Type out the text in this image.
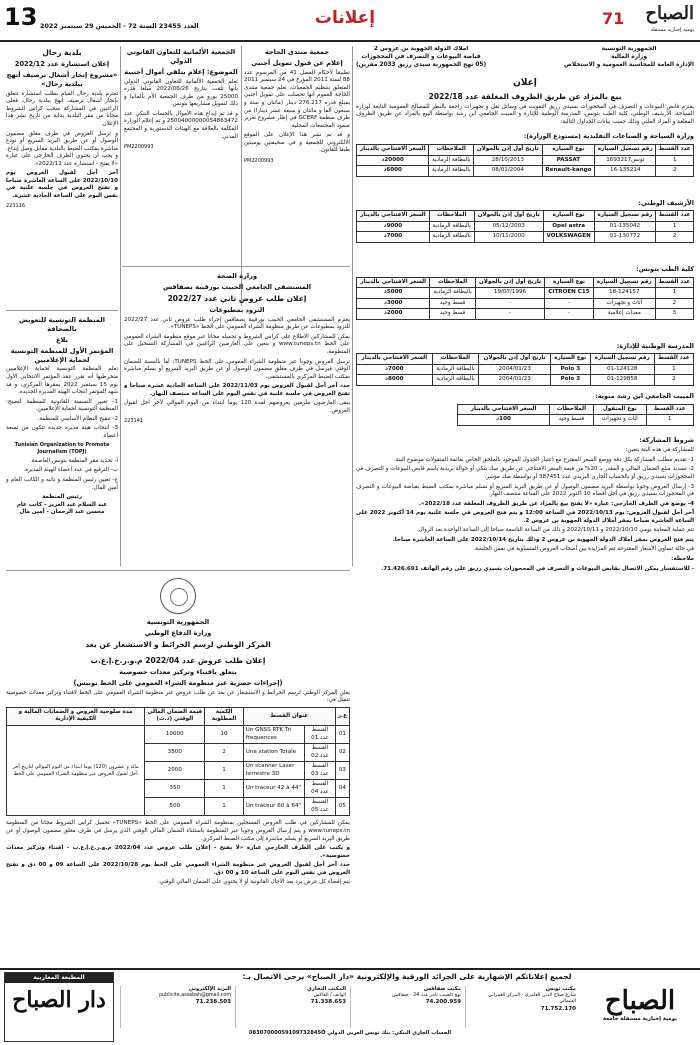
13 العدد 23455 السنة 72 - الخميس 29 سبتمبر 2022	إعلانات	71 الصباح
يومية إخبارية مستقلة
الجمهورية التونسية
وزارة المالية
الإدارة العامة للمحاسبة العمومية و الاستخلاص
أملاك الدولة الجهوية بن عروس 2
قباضة البيوعات و التصرف في المحجوزات
(05 نهج الجمهورية سيدي رزيق 2033 مقرين)
إعلان
بيع بالمزاد عن طريق الظروف المغلقة عدد 2022/18
يعتزم قابض البيوعات و التصرف في المحجوزات بسيدي رزيق التفويت في وسائل نقل و تجهيزات راجعة بالنظر للمصالح العمومية التابعة لوزارة السياحة، الأرشيف الوطني، كلية الطب بتونس، المدرسة الوطنية للإدارة و المبيت الجامعي ابن رشد بواسطة البيع بالمزاد عن طريق الظروف المغلقة و المزاد العلني وذلك حسب بيانات الجداول التالية:
وزارة السياحة و الصناعات التقليدية (مستودع الوزارة):
عدد القسط	رقم تسجيل السيارة	نوع السيارة	تاريخ أول إذن بالجولان	الملاحظات	السعر الافتتاحي بالدينار
1	169تونس3217	PASSAT	28/10/2013	بالبطاقة الرمادية	20000د
2	16-135214	Renault-kango	08/01/2004	بالبطاقة الرمادية	6000د
الأرشيف الوطني:
عدد القسط	رقم تسجيل السيارة	نوع السيارة	تاريخ أول إذن بالجولان	الملاحظات	السعر الافتتاحي بالدينار
1	01-135042	Opel astra	05/12/2003	بالبطاقة الرمادية	9000د
2	01-130772	VOLKSWAGEN	10/11/2000	بالبطاقة الرمادية	7000د
كلية الطب بتونس:
عدد القسط	رقم تسجيل السيارة	نوع السيارة	تاريخ أول إذن بالجولان	الملاحظات	السعر الافتتاحي بالدينار
1	18-124157	CITROEN C15	19/07/1996	بالبطاقة الرمادية	5000د
2	أثاث و تجهيزات	-	-	قسط وحيد	3000د
3	معدات إعلامية	-	-	قسط وحيد	2000د
المدرسة الوطنية للإدارة:
عدد القسط	رقم تسجيل السيارة	نوع السيارة	تاريخ أول إذن بالجولان	الملاحظات	السعر الافتتاحي بالدينار
1	01-124128	Polo 3	2004/01/23	بالبطاقة الرمادية	7000د
2	01-129858	Polo 3	2004/01/23	بالبطاقة الرمادية	8000د
المبيت الجامعي ابن رشد منوبة:
عدد القسط	نوع المنقول	الملاحظات	السعر الافتتاحي بالدينار
1	أثاث و تجهيزات	قسط وحيد	100د
شروط المشاركة:
للمشاركة في هذه البتة يتعين:
1- تقديم مطلب المشاركة بكل دقة ووضع السعر المقترح مع اعتبار الجدول الموجود بالملحق الخاص بقائمة المنقولات موضوع البتة.
2- تسديد مبلغ الضمان المالي و المقدر بـ 20% من قيمة السعر الافتتاحي عن طريق صك بنكي أو حوالة بريدية باسم قابض البيوعات و التصرف في المحجوزات بسيدي رزيق أو بالحساب الجاري البريدي عدد 387451 أو بواسطة صك مؤشر.
3- إرسال العروض وجوبا بواسطة البريد مضمون الوصول أو عن طريق البريد السريع أو تسلم مباشرة بمكتب الضبط بقباضة البيوعات و التصرف في المحجوزات بسيدي رزيق في أجل أقصاه 10 أكتوبر 2022 على الساعة منتصف النهار.
4- يوضع في الظرف الخارجي: عبارة «لا يفتح بيع بالمزاد عن طريق الظروف المغلقة عدد 2022/18».
آخر أجل لقبول العروض: يوم 2022/10/13 في الساعة 12:00 و يتم فتح العروض في جلسة علنية يوم 14 أكتوبر 2022 على الساعة العاشرة صباحا بمقر أملاك الدولة الجهوية بن عروس 2.
تتم عملية المعاينة يومي 2022/10/10 و 2022/10/11 و ذلك من الساعة التاسعة صباحا إلى الساعة الواحدة بعد الزوال.
يتم فتح العروض بمقر أملاك الدولة الجهوية بن عروس 2 وذلك بتاريخ 2022/10/14 على الساعة العاشرة صباحا.
في حالة تساوي الأسعار المقترحة تتم المزايدة بين أصحاب العروض المتساوية في نفس الجلسة.
ملاحظة:
- للاستفسار يمكن الاتصال بقابض البيوعات و التصرف في المحجوزات بسيدي رزيق على رقم الهاتف 71.426.691.
جمعية منتدى الحاجة
إعلام عن قبول تمويل أجنبي
تطبيقا لأحكام الفصل 41 من المرسوم عدد 88 لسنة 2011 المؤرخ في 24 سبتمبر 2011 المتعلق بتنظيم الجمعيات، تعلم جمعية منتدى الحاجة العموم أنها تحصلت على تمويل أجنبي بمبلغ قدره 276.217 دينار (مائتان و ستة و سبعون ألفا و مائتان و سبعة عشر دينارا) من طرف منظمة GCERF في إطار مشروع تعزيز صمود المجتمعات المحلية.
و قد تم نشر هذا الإعلان على الموقع الالكتروني للجمعية و في صحيفتين يوميتين طبقا للقانون.
PM2200993
الجمعية الألمانية للتعاون القانوني الدولي
الموضوع: إعلام بتلقي أموال أجنبية
تعلم الجمعية الألمانية للتعاون القانوني الدولي بأنها تلقت بتاريخ 2022/06/26 مبلغا قدره 25000 يورو من طرف الجمعية الأم بألمانيا و ذلك لتمويل مشاريعها بتونس.
و قد تم إيداع هذه الأموال بالحساب البنكي عدد 25004000000054863472 و تم إعلام الوزارة المكلفة بالعلاقة مع الهيئات الدستورية و المجتمع المدني.
PM2200993
بلدية رحال
إعلان استشارة عدد 2022/12
«مشروع إنجاز أشغال ترصيف أنهج ببلدية رحال»
تعتزم بلدية رحال القيام بطلب استشارة تتعلق بإنجاز أشغال ترصيف أنهج ببلدية رحال، فعلى الراغبين في المشاركة سحب كراس الشروط مجانا من مقر البلدية بداية من تاريخ نشر هذا الإعلان.
و ترسل العروض في ظرف مغلق مضمون الوصول أو عن طريق البريد السريع أو تودع مباشرة بمكتب الضبط بالبلدية مقابل وصل إيداع. و يجب أن يحتوي الظرف الخارجي على عبارة «لا يفتح - استشارة عدد 2022/12».
آخر أجل لقبول العروض يوم 2022/10/10 على الساعة العاشرة صباحا و تفتح العروض في جلسة علنية في نفس اليوم على الساعة الحادية عشرة.
223116
وزارة الصحة
المستشفى الجامعي الحبيب بورقيبة بصفاقس
إعلان طلب عروض ثاني عدد 2022/27
التزود بمطبوعات
يعتزم المستشفى الجامعي الحبيب بورقيبة بصفاقس إجراء طلب عروض ثاني عدد 2022/27 للتزود بمطبوعات عن طريق منظومة الشراء العمومي على الخط «TUNEPS».
يمكن للمشاركين الاطلاع على كراس الشروط و تحميله مجانا عبر موقع منظومة الشراء العمومي على الخط www.tuneps.tn و يتعين على العارضين الراغبين في المشاركة التسجيل على المنظومة.
ترسل العروض وجوبا عبر منظومة الشراء العمومي على الخط TUNEPS، أما بالنسبة للضمان الوقتي فيرسل في ظرف مغلق مضمون الوصول أو عن طريق البريد السريع أو يسلم مباشرة بمكتب الضبط المركزي بالمستشفى.
حدد آخر أجل لقبول العروض يوم 2022/11/03 على الساعة الحادية عشرة صباحا و تفتح العروض في جلسة علنية في نفس اليوم على الساعة منتصف النهار.
يبقى العارضون ملزمين بعروضهم لمدة 120 يوما ابتداء من اليوم الموالي لآخر أجل لقبول العروض.
223141
المنظمة التونسية للتعويض بالصحافة
بلاغ
المؤتمر الأول للمنظمة التونسية لحماية الإعلاميين
تعلم المنظمة التونسية لحماية الإعلاميين منخرطيها أنه تقرر عقد المؤتمر الانتخابي الأول يوم 15 سبتمبر 2022 بمقرها المركزي، و قد شهد المؤتمر انتخاب الهيئة المديرة الجديدة.
1- تغيير التسمية القانونية للمنظمة لتصبح: المنظمة التونسية لحماية الإعلاميين.
2- تنقيح النظام الأساسي للمنظمة.
3- انتخاب هيئة مديرة جديدة تتكون من تسعة أعضاء.
Tunisian Organization to Promote Journalism (TOPJ)
أ- تحديد مقر المنظمة بتونس العاصمة.
ب- الترفيع في عدد أعضاء الهيئة المديرة.
ج- تعيين رئيس المنظمة و نائبه و الكاتب العام و أمين المال.
رئيس المنظمة
عبد السلام عبد العزيز - كاتب عام
محسن عبد الرحمان - أمين مال
الجمهورية التونسية
وزارة الدفاع الوطني
المركز الوطني لرسم الخرائط و الاستشعار عن بعد
إعلان طلب عروض عدد 2022/04 م.و.ر.خ.إ.ع.ب
يتعلق باقتناء وتركيز معدات خصوصية
(إجراءات حصرية عبر منظومة الشراء العمومي على الخط تونبس)
يعلن المركز الوطني لرسم الخرائط و الاستشعار عن بعد عن طلب عروض عبر منظومة الشراء العمومي على الخط لاقتناء وتركيز معدات خصوصية تتمثل في:
ع.ر	عنوان القسط		الكمية المطلوبة	قيمة الضمان المالي الوقتي (د.ت)	مدة صلوحية العروض و الضمانات المالية و الكيفية الإدارية
01	القسط عدد 01	Un GNSS RTK Tri frequences	10	10000	مائة و عشرون (120) يوما ابتداء من اليوم الموالي لتاريخ آخر أجل لقبول العروض عبر منظومة الشراء العمومي على الخط
02	القسط عدد 02	Une station Totale	2	3500	
03	القسط عدد 03	Un scanner Laser terrestre 3D	1	2000	
04	القسط عدد 04	Un traceur 42 à 44''	1	350	
05	القسط عدد 05	Un traceur 60 à 64''	1	500	
يمكن للمشاركين في طلب العروض المسجلين بمنظومة الشراء العمومي على الخط «TUNEPS» تحميل كراس الشروط مجانا من المنظومة www.tuneps.tn و يتم إرسال العروض وجوبا عبر المنظومة باستثناء الضمان المالي الوقتي الذي يرسل في ظرف مغلق مضمون الوصول أو عن طريق البريد السريع أو يسلم مباشرة إلى مكتب الضبط المركزي.
و يكتب على الظرف الخارجي عبارة «لا يفتح - إعلان طلب عروض عدد 2022/04 م.و.ر.خ.إ.ع.ب - اقتناء وتركيز معدات خصوصية».
حدد آخر أجل لقبول العروض عبر منظومة الشراء العمومي على الخط يوم 2022/10/28 على الساعة 09 و 00 دق و تفتح العروض في نفس اليوم على الساعة 10 و 00 دق.
يتم إقصاء كل عرض يرد بعد الآجال القانونية أو لا يحتوي على الضمان المالي الوقتي.
لجميع إعلاناتكم الإشهارية على الجرائد الورقية والإلكترونية «دار الصباح» يرجى الاتصال بـ:
الصباح
يومية إخبارية مستقلة جامعة
مكتب تونس
شارع صلاح الدين العامري - المركز العمراني الشمالي
71.752.170
مكتب صفاقس
نهج الحبيب ثامر عدد 24 - صفاقس
74.200.959
المكتب التجاري
الهاتف / الفاكس
71.338.653
البريد الإلكتروني
publicite.assabah@gmail.com
71.238.503
الحساب الجاري البنكي: بنك تونس العربي الدولي 08307000059109732845O
المطبعة المغاربية
دار الصباح
